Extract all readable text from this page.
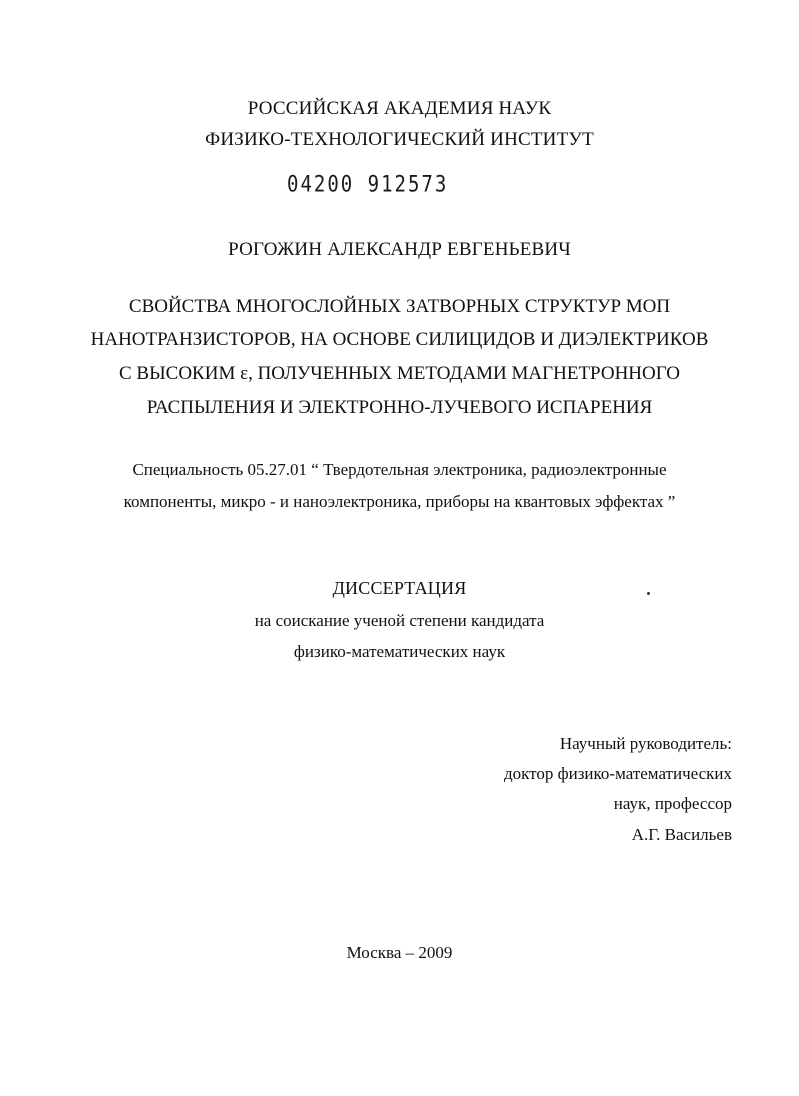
РОССИЙСКАЯ АКАДЕМИЯ НАУК
ФИЗИКО-ТЕХНОЛОГИЧЕСКИЙ ИНСТИТУТ
04200 912573
РОГОЖИН АЛЕКСАНДР ЕВГЕНЬЕВИЧ
СВОЙСТВА МНОГОСЛОЙНЫХ ЗАТВОРНЫХ СТРУКТУР МОП
НАНОТРАНЗИСТОРОВ, НА ОСНОВЕ СИЛИЦИДОВ И ДИЭЛЕКТРИКОВ
С ВЫСОКИМ ε, ПОЛУЧЕННЫХ МЕТОДАМИ МАГНЕТРОННОГО
РАСПЫЛЕНИЯ И ЭЛЕКТРОННО-ЛУЧЕВОГО ИСПАРЕНИЯ
Специальность 05.27.01 “ Твердотельная электроника, радиоэлектронные
компоненты, микро - и наноэлектроника, приборы на квантовых эффектах ”
ДИССЕРТАЦИЯ
на соискание ученой степени кандидата
физико-математических наук
Научный руководитель:
доктор физико-математических
наук, профессор
А.Г. Васильев
Москва – 2009
